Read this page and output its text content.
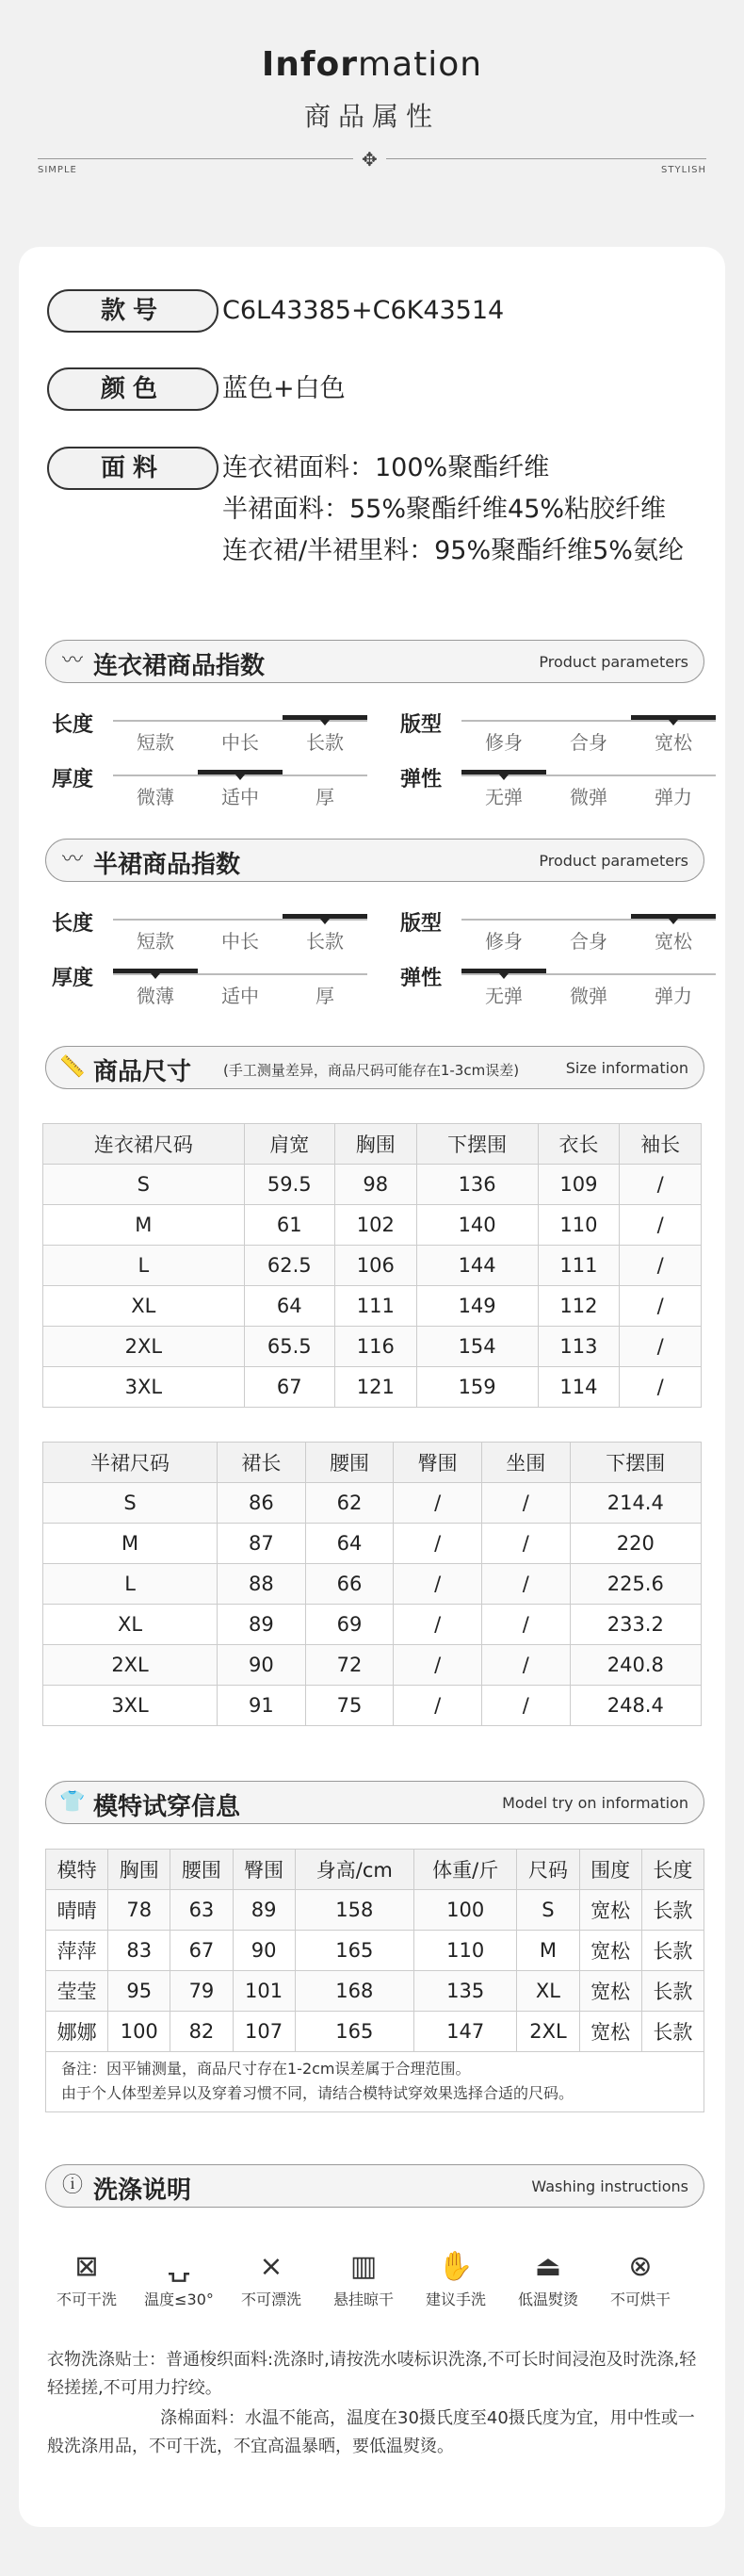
Information
商品属性
✥
SIMPLE	STYLISH
款号	C6L43385+C6K43514
颜色	蓝色+白色
面料	连衣裙面料：100%聚酯纤维
半裙面料：55%聚酯纤维45%粘胶纤维
连衣裙/半裙里料：95%聚酯纤维5%氨纶
〰 连衣裙商品指数	Product parameters
长度
短款	中长	长款
版型
修身	合身	宽松
厚度
微薄	适中	厚
弹性
无弹	微弹	弹力
〰 半裙商品指数	Product parameters
长度
短款	中长	长款
版型
修身	合身	宽松
厚度
微薄	适中	厚
弹性
无弹	微弹	弹力
📏 商品尺寸 (手工测量差异，商品尺码可能存在1-3cm误差)	Size information
连衣裙尺码	肩宽	胸围	下摆围	衣长	袖长
S	59.5	98	136	109	/
M	61	102	140	110	/
L	62.5	106	144	111	/
XL	64	111	149	112	/
2XL	65.5	116	154	113	/
3XL	67	121	159	114	/
半裙尺码	裙长	腰围	臀围	坐围	下摆围
S	86	62	/	/	214.4
M	87	64	/	/	220
L	88	66	/	/	225.6
XL	89	69	/	/	233.2
2XL	90	72	/	/	240.8
3XL	91	75	/	/	248.4
👕 模特试穿信息	Model try on information
模特	胸围	腰围	臀围	身高/cm	体重/斤	尺码	围度	长度
晴晴	78	63	89	158	100	S	宽松	长款
萍萍	83	67	90	165	110	M	宽松	长款
莹莹	95	79	101	168	135	XL	宽松	长款
娜娜	100	82	107	165	147	2XL	宽松	长款
备注：因平铺测量，商品尺寸存在1-2cm误差属于合理范围。
由于个人体型差异以及穿着习惯不同，请结合模特试穿效果选择合适的尺码。
ⓘ 洗涤说明	Washing instructions
⊠
不可干洗
⍽
温度≤30°
⨯
不可漂洗
▥
悬挂晾干
✋
建议手洗
⏏
低温熨烫
⊗
不可烘干
衣物洗涤贴士：普通梭织面料:洗涤时,请按洗水唛标识洗涤,不可长时间浸泡及时洗涤,轻轻搓搓,不可用力拧绞。
涤棉面料：水温不能高，温度在30摄氏度至40摄氏度为宜，用中性或一般洗涤用品，不可干洗，不宜高温暴晒，要低温熨烫。
